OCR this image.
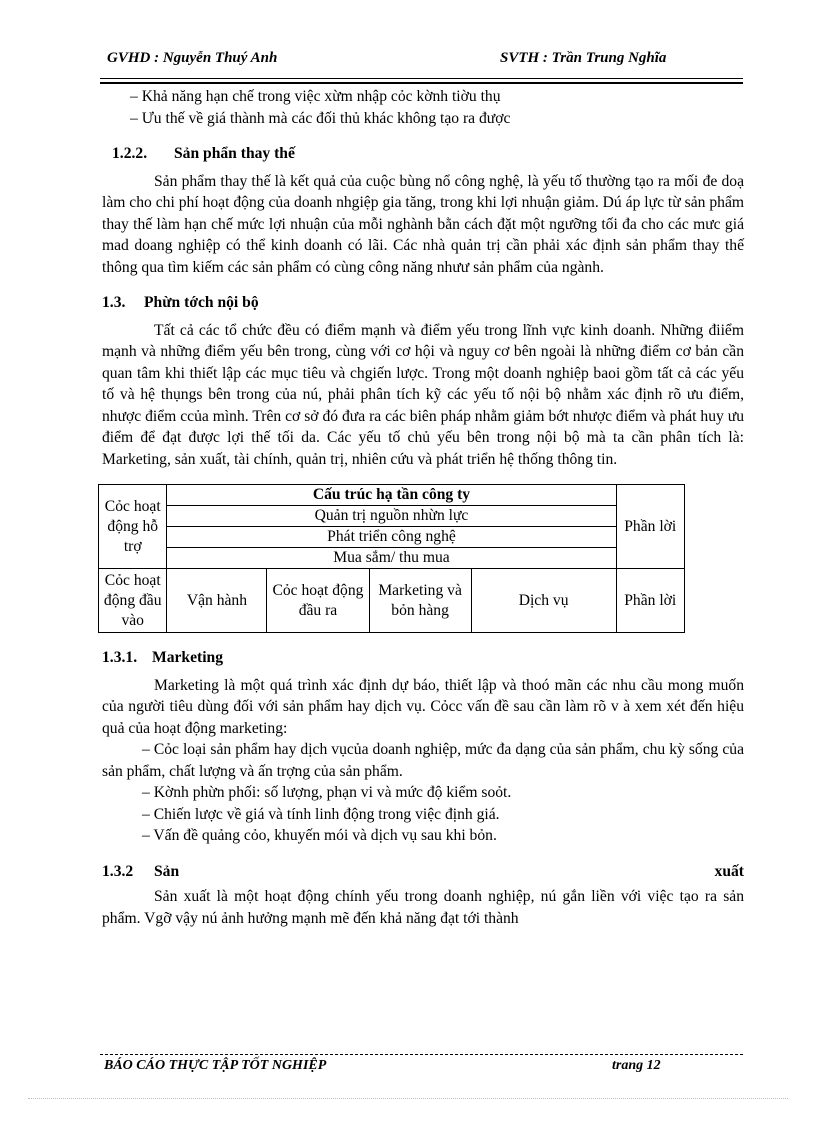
GVHD : Nguyễn Thuý Anh	SVTH : Trần Trung Nghĩa

– Khả năng hạn chế trong việc xừm nhập cỏc kờnh tiờu thụ

– Ưu thế về giá thành mà các đối thủ khác không tạo ra được

1.2.2. Sản phẩn thay thế

Sản phẩm thay thế là kết quả của cuộc bùng nổ công nghệ, là yếu tố thường tạo ra mối đe doạ làm cho chi phí hoạt động của doanh nhgiệp gia tăng, trong khi lợi nhuận giảm. Dú áp lực từ sản phẩm thay thế làm hạn chế mức lợi nhuận của mỗi nghành bằn cách đặt một ngưỡng tối đa cho các mưc giá mad doang nghiệp có thể kinh doanh có lãi. Các nhà quản trị cần phải xác định sản phẩm thay thế thông qua tìm kiếm các sản phẩm có cùng công năng nhưư sản phẩm của ngành.

1.3. Phừn tớch nội bộ

Tất cả các tổ chức đều có điểm mạnh và điểm yếu trong lĩnh vực kinh doanh. Những điiểm mạnh và những điểm yếu bên trong, cùng với cơ hội và nguy cơ bên ngoài là những điểm cơ bản cần quan tâm khi thiết lập các mục tiêu và chgiến lược. Trong một doanh nghiệp baoi gồm tất cả các yếu tố và hệ thụngs bên trong của nú, phải phân tích kỹ các yếu tố nội bộ nhằm xác định rõ ưu điểm, nhược điểm ccủa mình. Trên cơ sở đó đưa ra các biên pháp nhằm giảm bớt nhược điểm và phát huy ưu điểm để đạt được lợi thế tối da. Các yếu tố chủ yếu bên trong nội bộ mà ta cần phân tích là: Marketing, sản xuất, tài chính, quản trị, nhiên cứu và phát triển hệ thống thông tin.

Cỏc hoạt động hỗ trợ	Cấu trúc hạ tần công ty				Phần lời
	Quản trị nguồn nhừn lực				
	Phát triển công nghệ				
	Mua sắm/ thu mua				
Cỏc hoạt động đầu vào	Vận hành	Cỏc hoạt động đầu ra	Marketing và bỏn hàng	Dịch vụ	Phần lời
1.3.1. Marketing

Marketing là một quá trình xác định dự báo, thiết lập và thoó mãn các nhu cầu mong muốn của người tiêu dùng đối với sản phẩm hay dịch vụ. Cỏcc vấn đề sau cần làm rõ v à xem xét đến hiệu quả của hoạt động marketing:

– Cỏc loại sản phẩm hay dịch vụcủa doanh nghiệp, mức đa dạng của sản phẩm, chu kỳ sống của sản phẩm, chất lượng và ấn trợng của sản phẩm.

– Kờnh phừn phối: số lượng, phạn vi và mức độ kiểm soỏt.

– Chiến lược về giá và tính linh động trong việc định giá.

– Vấn đề quảng cỏo, khuyến mói và dịch vụ sau khi bỏn.

1.3.2 Sản	xuất

Sản xuất là một hoạt động chính yếu trong doanh nghiệp, nú gắn liền với việc tạo ra sản phẩm. Vgỡ vậy nú ảnh hưởng mạnh mẽ đến khả năng đạt tới thành

BÁO CÁO THỰC TẬP TỐT NGHIỆP	trang 12
